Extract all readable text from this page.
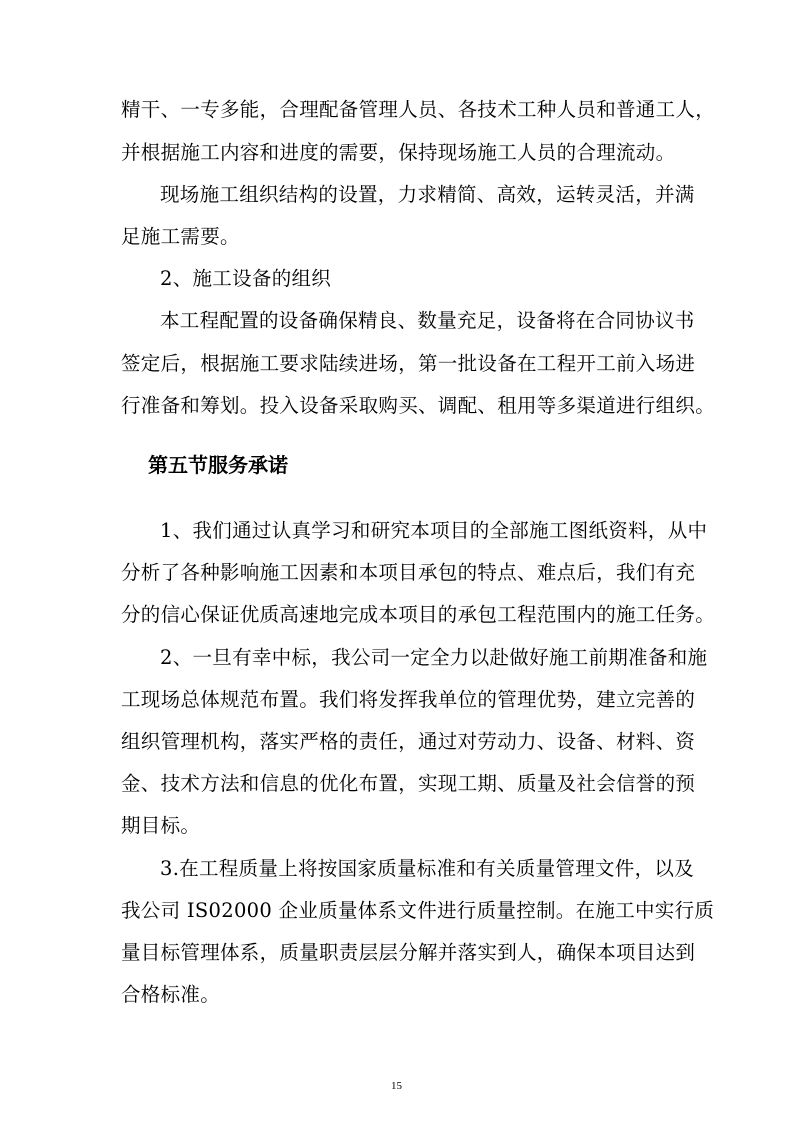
精干、一专多能，合理配备管理人员、各技术工种人员和普通工人，
并根据施工内容和进度的需要，保持现场施工人员的合理流动。
现场施工组织结构的设置，力求精简、高效，运转灵活，并满
足施工需要。
2、施工设备的组织
本工程配置的设备确保精良、数量充足，设备将在合同协议书
签定后，根据施工要求陆续进场，第一批设备在工程开工前入场进
行准备和筹划。投入设备采取购买、调配、租用等多渠道进行组织。
第五节服务承诺
1、我们通过认真学习和研究本项目的全部施工图纸资料，从中
分析了各种影响施工因素和本项目承包的特点、难点后，我们有充
分的信心保证优质高速地完成本项目的承包工程范围内的施工任务。
2、一旦有幸中标，我公司一定全力以赴做好施工前期准备和施
工现场总体规范布置。我们将发挥我单位的管理优势，建立完善的
组织管理机构，落实严格的责任，通过对劳动力、设备、材料、资
金、技术方法和信息的优化布置，实现工期、质量及社会信誉的预
期目标。
3.在工程质量上将按国家质量标准和有关质量管理文件，以及
我公司 IS02000 企业质量体系文件进行质量控制。在施工中实行质
量目标管理体系，质量职责层层分解并落实到人，确保本项目达到
合格标准。
15
